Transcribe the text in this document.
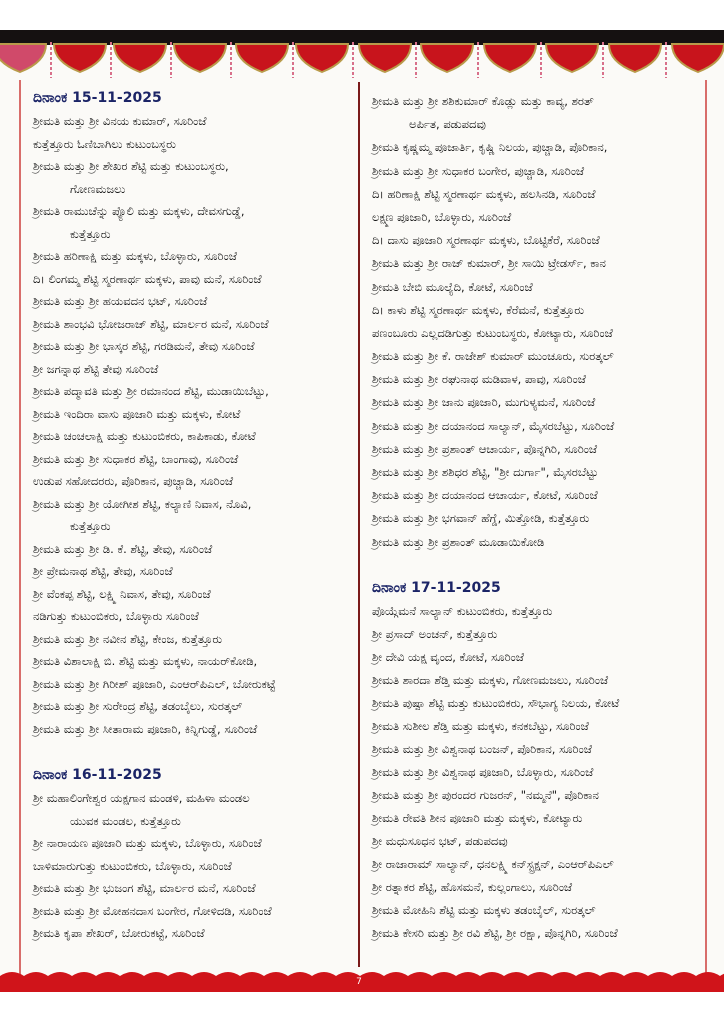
7
ದಿನಾಂಕ 15-11-2025
ಶ್ರೀಮತಿ ಮತ್ತು ಶ್ರೀ ವಿನಯ ಕುಮಾರ್, ಸೂರಿಂಜೆ
ಕುತ್ತೆತ್ತೂರು ಓಣಿಬಾಗಿಲು ಕುಟುಂಬಸ್ಥರು
ಶ್ರೀಮತಿ ಮತ್ತು ಶ್ರೀ ಶೇಖರ ಶೆಟ್ಟಿ ಮತ್ತು ಕುಟುಂಬಸ್ಥರು,
ಗೋಣಮಜಲು
ಶ್ರೀಮತಿ ರಾಮುಚೆನ್ನು ಪ್ಯೊಲಿ ಮತ್ತು ಮಕ್ಕಳು, ದೇವಸಗುಡ್ಡೆ,
ಕುತ್ತೆತ್ತೂರು
ಶ್ರೀಮತಿ ಹರಿಣಾಕ್ಷಿ ಮತ್ತು ಮಕ್ಕಳು, ಬೊಳ್ಳಾರು, ಸೂರಿಂಜೆ
ದಿ। ಲಿಂಗಮ್ಮ ಶೆಟ್ಟಿ ಸ್ಮರಣಾರ್ಥ ಮಕ್ಕಳು, ಪಾವು ಮನೆ, ಸೂರಿಂಜೆ
ಶ್ರೀಮತಿ ಮತ್ತು ಶ್ರೀ ಹಯವದನ ಭಟ್, ಸೂರಿಂಜೆ
ಶ್ರೀಮತಿ ಶಾಂಭವಿ ಭೋಜರಾಜ್ ಶೆಟ್ಟಿ, ಮಾರ್ಲರ ಮನೆ, ಸೂರಿಂಜೆ
ಶ್ರೀಮತಿ ಮತ್ತು ಶ್ರೀ ಭಾಸ್ಕರ ಶೆಟ್ಟಿ, ಗರಡಿಮನೆ, ತೇವು ಸೂರಿಂಜೆ
ಶ್ರೀ ಜಗನ್ನಾಥ ಶೆಟ್ಟಿ ತೇವು ಸೂರಿಂಜೆ
ಶ್ರೀಮತಿ ಪದ್ಮಾವತಿ ಮತ್ತು ಶ್ರೀ ರಮಾನಂದ ಶೆಟ್ಟಿ, ಮುಡಾಯಿಬೆಟ್ಟು,
ಶ್ರೀಮತಿ ಇಂದಿರಾ ವಾಸು ಪೂಜಾರಿ ಮತ್ತು ಮಕ್ಕಳು, ಕೋಟೆ
ಶ್ರೀಮತಿ ಚಂಚಲಾಕ್ಷಿ ಮತ್ತು ಕುಟುಂಬಿಕರು, ಕಾಪಿಕಾಡು, ಕೋಟೆ
ಶ್ರೀಮತಿ ಮತ್ತು ಶ್ರೀ ಸುಧಾಕರ ಶೆಟ್ಟಿ, ಬಾಂಗಾವು, ಸೂರಿಂಜೆ
ಉಡುಪ ಸಹೋದರರು, ಪೊರಿಕಾನ, ಪುಚ್ಚಾಡಿ, ಸೂರಿಂಜೆ
ಶ್ರೀಮತಿ ಮತ್ತು ಶ್ರೀ ಯೋಗೀಶ ಶೆಟ್ಟಿ, ಕಲ್ಯಾಣಿ ನಿವಾಸ, ನೊವಿ,
ಕುತ್ತೆತ್ತೂರು
ಶ್ರೀಮತಿ ಮತ್ತು ಶ್ರೀ ಡಿ. ಕೆ. ಶೆಟ್ಟಿ, ತೇವು, ಸೂರಿಂಜೆ
ಶ್ರೀ ಪ್ರೇಮನಾಥ ಶೆಟ್ಟಿ, ತೇವು, ಸೂರಿಂಜೆ
ಶ್ರೀ ವೆಂಕಪ್ಪ ಶೆಟ್ಟಿ, ಲಕ್ಷ್ಮಿ ನಿವಾಸ, ತೇವು, ಸೂರಿಂಜೆ
ನಡಿಗುತ್ತು ಕುಟುಂಬಿಕರು, ಬೊಳ್ಳಾರು ಸೂರಿಂಜೆ
ಶ್ರೀಮತಿ ಮತ್ತು ಶ್ರೀ ನವೀನ ಶೆಟ್ಟಿ, ಕೇಂಜ, ಕುತ್ತೆತ್ತೂರು
ಶ್ರೀಮತಿ ವಿಶಾಲಾಕ್ಷಿ ಬಿ. ಶೆಟ್ಟಿ ಮತ್ತು ಮಕ್ಕಳು, ನಾಯರ್‌ಕೋಡಿ,
ಶ್ರೀಮತಿ ಮತ್ತು ಶ್ರೀ ಗಿರೀಶ್ ಪೂಜಾರಿ, ಎಂಆರ್‌ಪಿಎಲ್, ಬೋರುಕಟ್ಟೆ
ಶ್ರೀಮತಿ ಮತ್ತು ಶ್ರೀ ಸುರೇಂದ್ರ ಶೆಟ್ಟಿ, ತಡಂಬೈಲು, ಸುರತ್ಕಲ್
ಶ್ರೀಮತಿ ಮತ್ತು ಶ್ರೀ ಸೀತಾರಾಮ ಪೂಜಾರಿ, ಕಿನ್ನಿಗುಡ್ಡೆ, ಸೂರಿಂಜೆ
ದಿನಾಂಕ 16-11-2025
ಶ್ರೀ ಮಹಾಲಿಂಗೇಶ್ವರ ಯಕ್ಷಗಾನ ಮಂಡಳಿ, ಮಹಿಳಾ ಮಂಡಲ
ಯುವಕ ಮಂಡಲ, ಕುತ್ತೆತ್ತೂರು
ಶ್ರೀ ನಾರಾಯಣ ಪೂಜಾರಿ ಮತ್ತು ಮಕ್ಕಳು, ಬೊಳ್ಳಾರು, ಸೂರಿಂಜೆ
ಬಾಳಿಮಾರುಗುತ್ತು ಕುಟುಂಬಿಕರು, ಬೊಳ್ಳಾರು, ಸೂರಿಂಜೆ
ಶ್ರೀಮತಿ ಮತ್ತು ಶ್ರೀ ಭುಜಂಗ ಶೆಟ್ಟಿ, ಮಾರ್ಲರ ಮನೆ, ಸೂರಿಂಜೆ
ಶ್ರೀಮತಿ ಮತ್ತು ಶ್ರೀ ಮೋಹನದಾಸ ಬಂಗೇರ, ಗೋಳಿದಡಿ, ಸೂರಿಂಜೆ
ಶ್ರೀಮತಿ ಕೃಪಾ ಶೇಖರ್, ಬೋರುಕಟ್ಟೆ, ಸೂರಿಂಜೆ
ಶ್ರೀಮತಿ ಮತ್ತು ಶ್ರೀ ಶಶಿಕುಮಾರ್ ಕೊಡ್ಲು ಮತ್ತು ಕಾವ್ಯ, ಶರತ್
ಅರ್ಪಿತ, ಪಡುಪದವು
ಶ್ರೀಮತಿ ಕೃಷ್ಣಮ್ಮ ಪೂಜಾರ್ತಿ, ಕೃಷ್ಣಿ ನಿಲಯ, ಪುಚ್ಚಾಡಿ, ಪೊರಿಕಾನ,
ಶ್ರೀಮತಿ ಮತ್ತು ಶ್ರೀ ಸುಧಾಕರ ಬಂಗೇರ, ಪುಚ್ಚಾಡಿ, ಸೂರಿಂಜೆ
ದಿ। ಹರಿಣಾಕ್ಷಿ ಶೆಟ್ಟಿ ಸ್ಮರಣಾರ್ಥ ಮಕ್ಕಳು, ಹಲಸಿನಡಿ, ಸೂರಿಂಜೆ
ಲಕ್ಷ್ಮಣ ಪೂಜಾರಿ, ಬೊಳ್ಳಾರು, ಸೂರಿಂಜೆ
ದಿ। ದಾಸು ಪೂಜಾರಿ ಸ್ಮರಣಾರ್ಥ ಮಕ್ಕಳು, ಬೊಟ್ಟಿಕೆರೆ, ಸೂರಿಂಜೆ
ಶ್ರೀಮತಿ ಮತ್ತು ಶ್ರೀ ರಾಜ್ ಕುಮಾರ್, ಶ್ರೀ ಸಾಯಿ ಟ್ರೇಡರ್ಸ್, ಕಾನ
ಶ್ರೀಮತಿ ಬೇಬಿ ಮೂಲ್ಯೆದಿ, ಕೋಟೆ, ಸೂರಿಂಜೆ
ದಿ। ಕಾಳು ಶೆಟ್ಟಿ ಸ್ಮರಣಾರ್ಥ ಮಕ್ಕಳು, ಕೆರೆಮನೆ, ಕುತ್ತೆತ್ತೂರು
ಪಣಂಬೂರು ಎಲ್ಲದಡಿಗುತ್ತು ಕುಟುಂಬಸ್ಥರು, ಕೋಟ್ಯಾರು, ಸೂರಿಂಜೆ
ಶ್ರೀಮತಿ ಮತ್ತು ಶ್ರೀ ಕೆ. ರಾಜೇಶ್ ಕುಮಾರ್ ಮುಂಚೂರು, ಸುರತ್ಕಲ್
ಶ್ರೀಮತಿ ಮತ್ತು ಶ್ರೀ ರಘುನಾಥ ಮಡಿವಾಳ, ಪಾವು, ಸೂರಿಂಜೆ
ಶ್ರೀಮತಿ ಮತ್ತು ಶ್ರೀ ಜಾನು ಪೂಜಾರಿ, ಮುಗುಳ್ಯಮನೆ, ಸೂರಿಂಜೆ
ಶ್ರೀಮತಿ ಮತ್ತು ಶ್ರೀ ದಯಾನಂದ ಸಾಲ್ಯಾನ್, ಮೈಸರಬೆಟ್ಟು, ಸೂರಿಂಜೆ
ಶ್ರೀಮತಿ ಮತ್ತು ಶ್ರೀ ಪ್ರಶಾಂತ್ ಆಚಾರ್ಯ, ಪೊನ್ನಗಿರಿ, ಸೂರಿಂಜೆ
ಶ್ರೀಮತಿ ಮತ್ತು ಶ್ರೀ ಶಶಿಧರ ಶೆಟ್ಟಿ, "ಶ್ರೀ ದುರ್ಗಾ", ಮೈಸರಬೆಟ್ಟು
ಶ್ರೀಮತಿ ಮತ್ತು ಶ್ರೀ ದಯಾನಂದ ಆಚಾರ್ಯ, ಕೋಟೆ, ಸೂರಿಂಜೆ
ಶ್ರೀಮತಿ ಮತ್ತು ಶ್ರೀ ಭಗವಾನ್ ಹೆಗ್ಡೆ, ಮಿತ್ತೋಡಿ, ಕುತ್ತೆತ್ತೂರು
ಶ್ರೀಮತಿ ಮತ್ತು ಶ್ರೀ ಪ್ರಶಾಂತ್ ಮೂಡಾಯಿಕೋಡಿ
ದಿನಾಂಕ 17-11-2025
ಪೊಯ್ಗೆಮನೆ ಸಾಲ್ಯಾನ್ ಕುಟುಂಬಿಕರು, ಕುತ್ತೆತ್ತೂರು
ಶ್ರೀ ಪ್ರಸಾದ್ ಅಂಚನ್, ಕುತ್ತೆತ್ತೂರು
ಶ್ರೀ ದೇವಿ ಯಕ್ಷ ವೃಂದ, ಕೋಟೆ, ಸೂರಿಂಜೆ
ಶ್ರೀಮತಿ ಶಾರದಾ ಶೆಡ್ತಿ ಮತ್ತು ಮಕ್ಕಳು, ಗೋಣಮಜಲು, ಸೂರಿಂಜೆ
ಶ್ರೀಮತಿ ಪುಷ್ಪಾ ಶೆಟ್ಟಿ ಮತ್ತು ಕುಟುಂಬಿಕರು, ಸೌಭಾಗ್ಯ ನಿಲಯ, ಕೋಟೆ
ಶ್ರೀಮತಿ ಸುಶೀಲ ಶೆಡ್ತಿ ಮತ್ತು ಮಕ್ಕಳು, ಕನಕಬೆಟ್ಟು, ಸೂರಿಂಜೆ
ಶ್ರೀಮತಿ ಮತ್ತು ಶ್ರೀ ವಿಶ್ವನಾಥ ಬಂಜನ್, ಪೊರಿಕಾನ, ಸೂರಿಂಜೆ
ಶ್ರೀಮತಿ ಮತ್ತು ಶ್ರೀ ವಿಶ್ವನಾಥ ಪೂಜಾರಿ, ಬೊಳ್ಳಾರು, ಸೂರಿಂಜೆ
ಶ್ರೀಮತಿ ಮತ್ತು ಶ್ರೀ ಪುರಂದರ ಗುಜರನ್, "ನಮ್ಮನೆ", ಪೊರಿಕಾನ
ಶ್ರೀಮತಿ ರೇವತಿ ಶೀನ ಪೂಜಾರಿ ಮತ್ತು ಮಕ್ಕಳು, ಕೋಟ್ಯಾರು
ಶ್ರೀ ಮಧುಸೂಧನ ಭಟ್, ಪಡುಪದವು
ಶ್ರೀ ರಾಜಾರಾಮ್ ಸಾಲ್ಯಾನ್, ಧನಲಕ್ಷ್ಮಿ ಕನ್‌ಸ್ಟ್ರಕ್ಷನ್, ಎಂಆರ್‌ಪಿಎಲ್
ಶ್ರೀ ರತ್ನಾಕರ ಶೆಟ್ಟಿ, ಹೊಸಮನೆ, ಕುಲ್ಲಂಗಾಲು, ಸೂರಿಂಜೆ
ಶ್ರೀಮತಿ ಮೋಹಿನಿ ಶೆಟ್ಟಿ ಮತ್ತು ಮಕ್ಕಳು ತಡಂಬೈಲ್, ಸುರತ್ಕಲ್
ಶ್ರೀಮತಿ ಕೇಸರಿ ಮತ್ತು ಶ್ರೀ ರವಿ ಶೆಟ್ಟಿ, ಶ್ರೀ ರಕ್ಷಾ, ಪೊನ್ನಗಿರಿ, ಸೂರಿಂಜೆ
